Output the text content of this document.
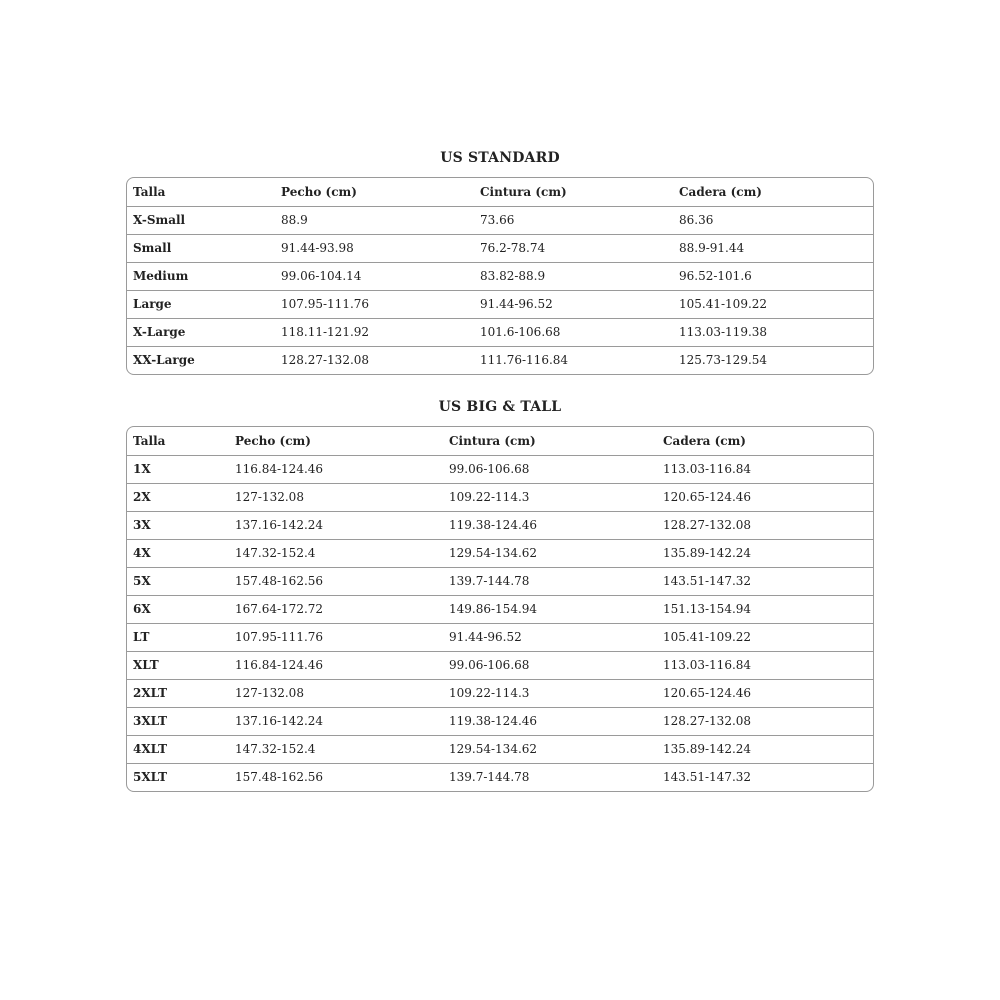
US STANDARD
Talla	Pecho (cm)	Cintura (cm)	Cadera (cm)
X-Small	88.9	73.66	86.36
Small	91.44-93.98	76.2-78.74	88.9-91.44
Medium	99.06-104.14	83.82-88.9	96.52-101.6
Large	107.95-111.76	91.44-96.52	105.41-109.22
X-Large	118.11-121.92	101.6-106.68	113.03-119.38
XX-Large	128.27-132.08	111.76-116.84	125.73-129.54
US BIG & TALL
Talla	Pecho (cm)	Cintura (cm)	Cadera (cm)
1X	116.84-124.46	99.06-106.68	113.03-116.84
2X	127-132.08	109.22-114.3	120.65-124.46
3X	137.16-142.24	119.38-124.46	128.27-132.08
4X	147.32-152.4	129.54-134.62	135.89-142.24
5X	157.48-162.56	139.7-144.78	143.51-147.32
6X	167.64-172.72	149.86-154.94	151.13-154.94
LT	107.95-111.76	91.44-96.52	105.41-109.22
XLT	116.84-124.46	99.06-106.68	113.03-116.84
2XLT	127-132.08	109.22-114.3	120.65-124.46
3XLT	137.16-142.24	119.38-124.46	128.27-132.08
4XLT	147.32-152.4	129.54-134.62	135.89-142.24
5XLT	157.48-162.56	139.7-144.78	143.51-147.32
